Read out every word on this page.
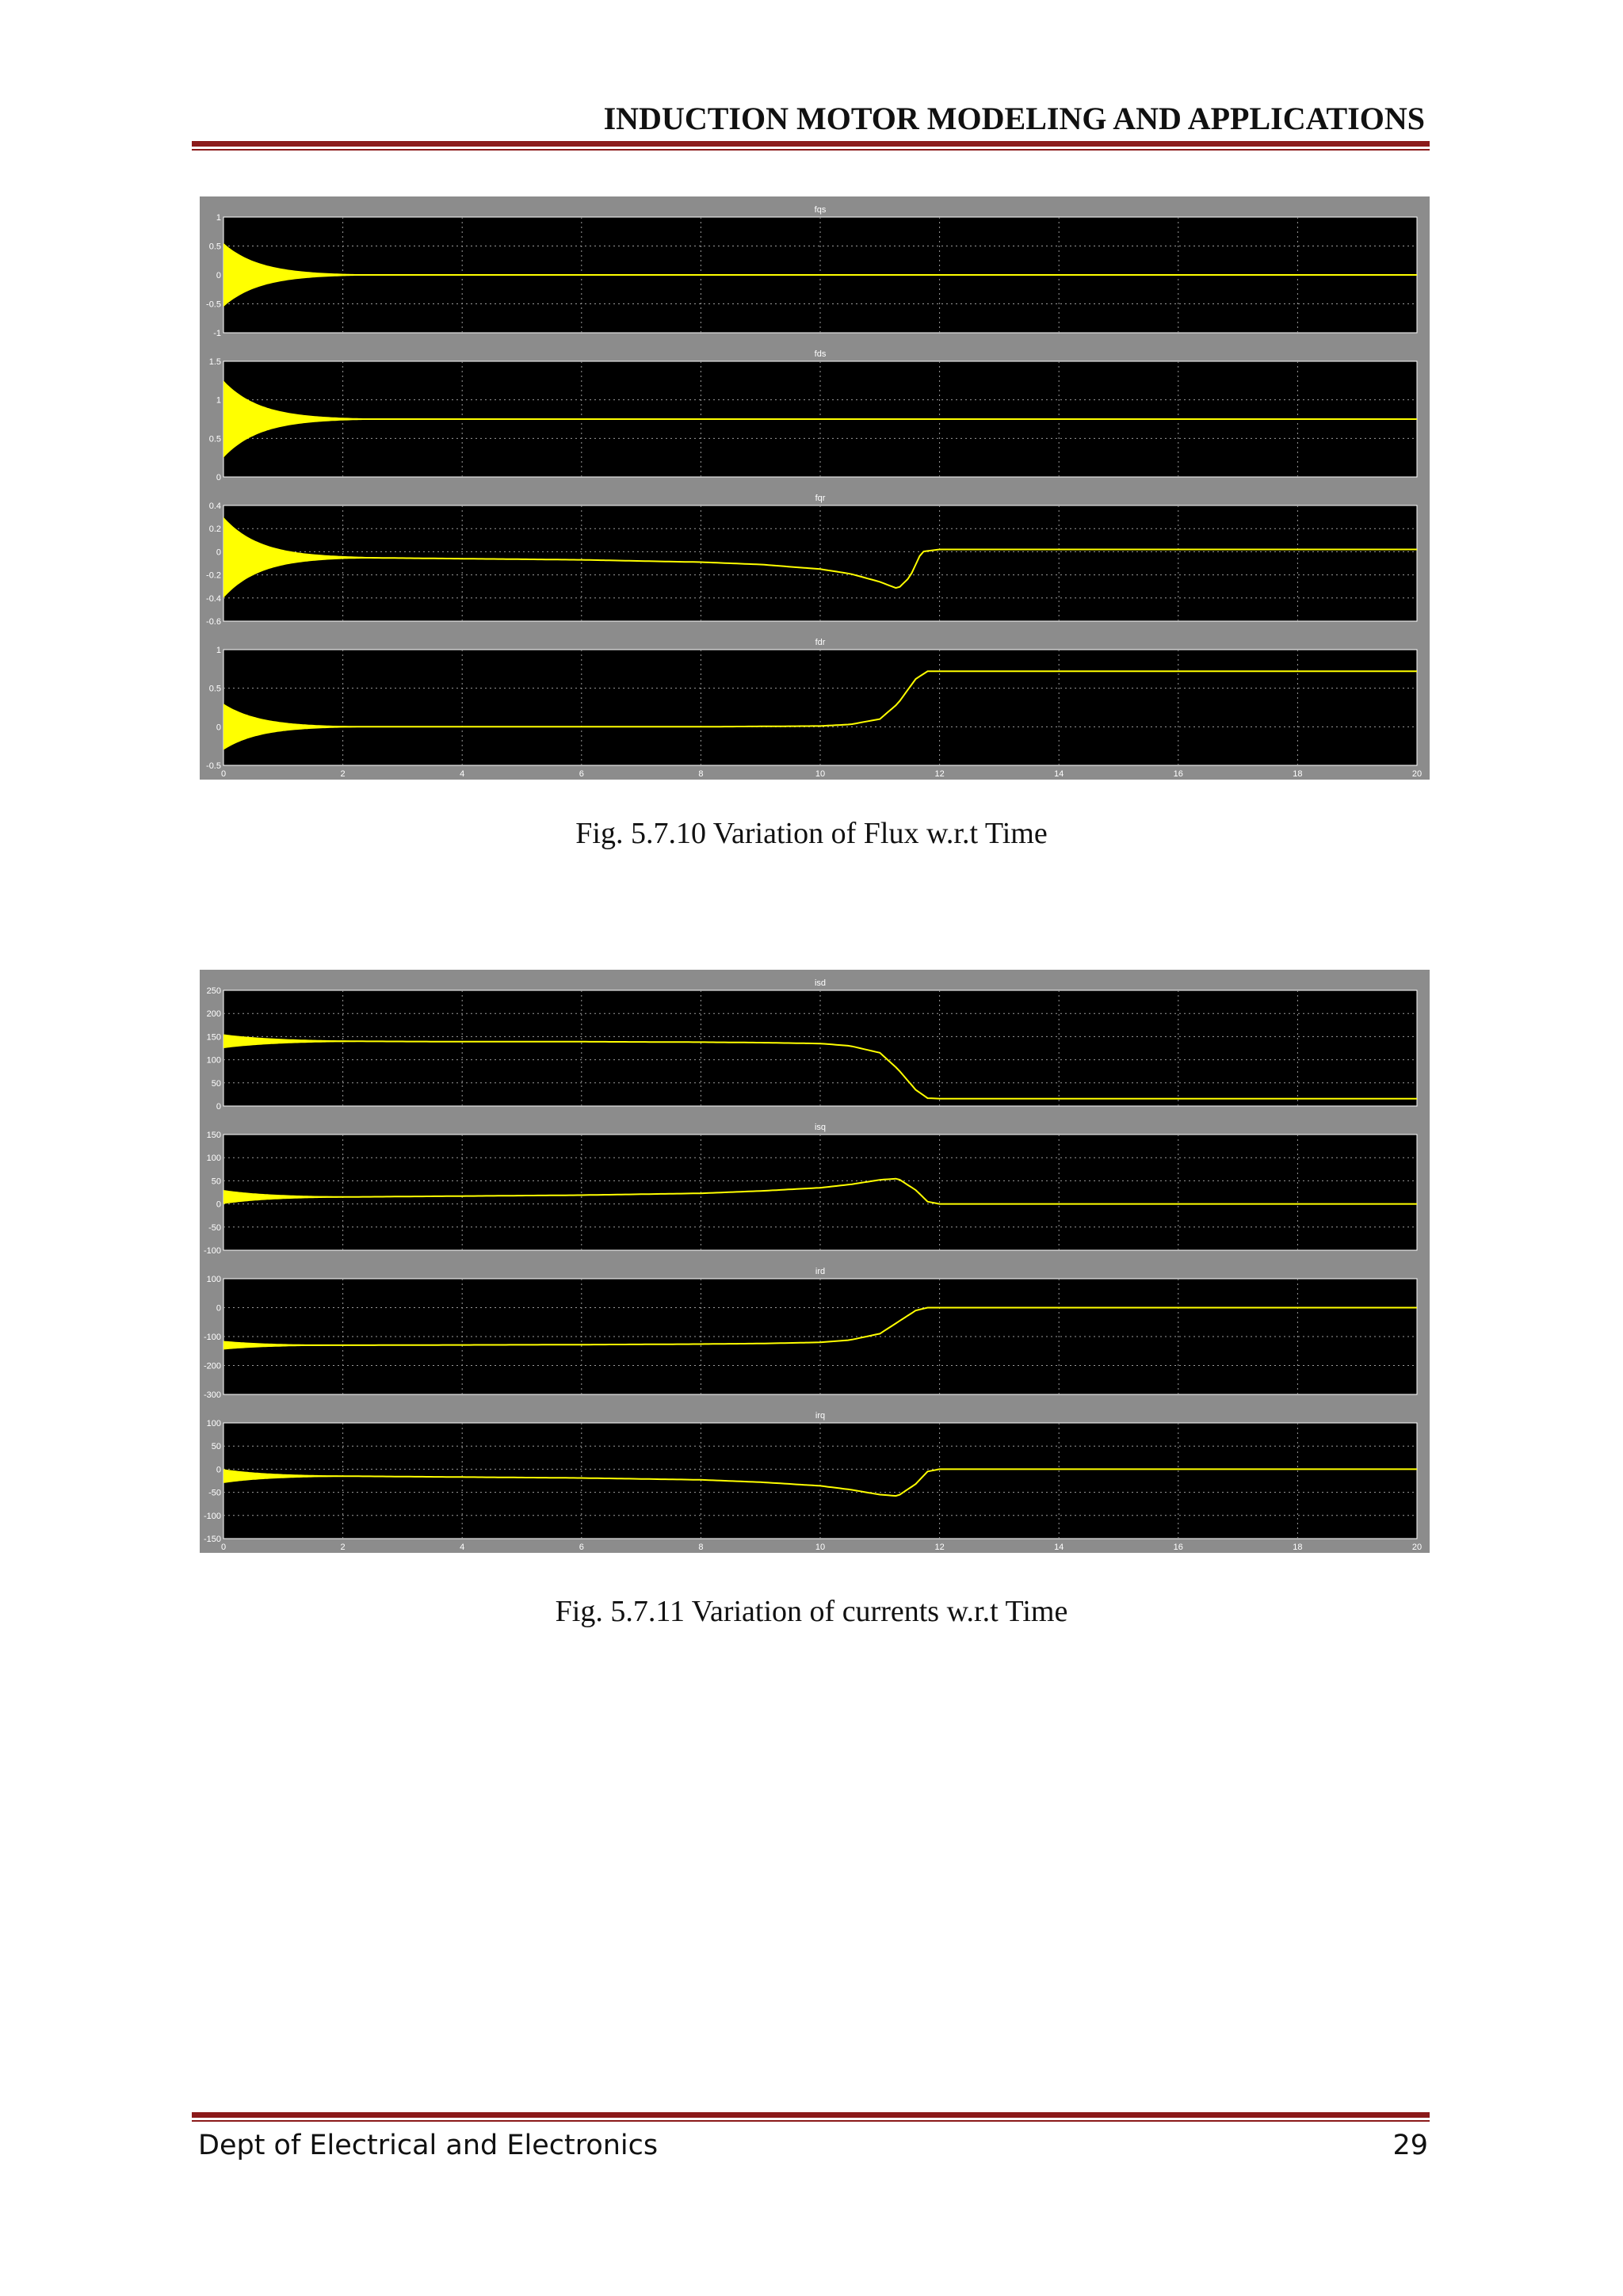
INDUCTION MOTOR MODELING AND APPLICATIONS
fqs
1
0.5
0
-0.5
-1
fds
1.5
1
0.5
0
fqr
0.4
0.2
0
-0.2
-0.4
-0.6
fdr
1
0.5
0
-0.5
0	2	4	6	8	10	12	14	16	18	20
Fig. 5.7.10 Variation of Flux w.r.t Time
isd
250
200
150
100
50
0
isq
150
100
50
0
-50
-100
ird
100
0
-100
-200
-300
irq
100
50
0
-50
-100
-150
0	2	4	6	8	10	12	14	16	18	20
Fig. 5.7.11 Variation of currents w.r.t Time
Dept of Electrical and Electronics	29
